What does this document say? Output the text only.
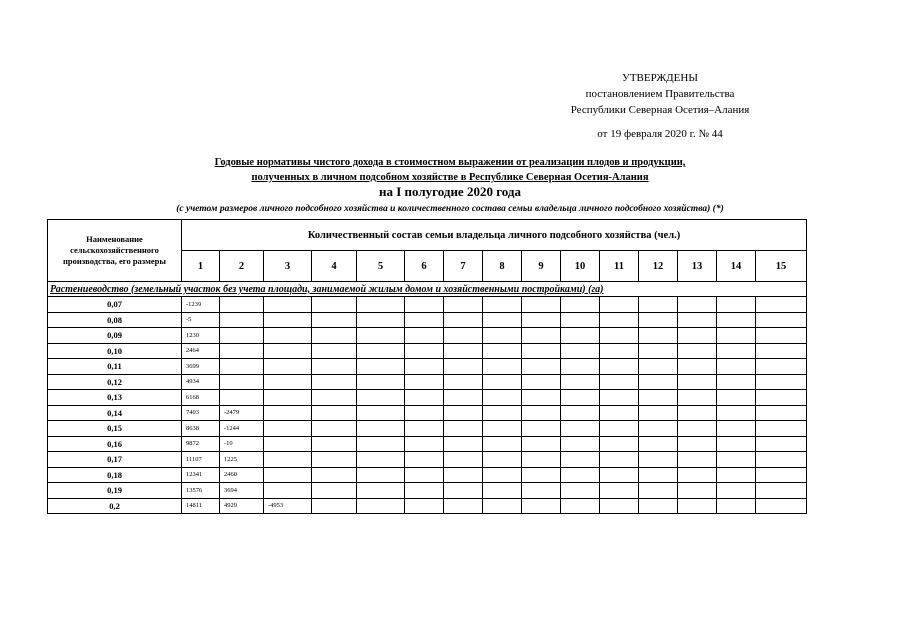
УТВЕРЖДЕНЫ
постановлением Правительства
Республики Северная Осетия–Алания
от 19 февраля 2020 г. № 44
Годовые нормативы чистого дохода в стоимостном выражении от реализации плодов и продукции,
полученных в личном подсобном хозяйстве в Республике Северная Осетия-Алания
на I полугодие 2020 года
(с учетом размеров личного подсобного хозяйства и количественного состава семьи владельца личного подсобного хозяйства) (*)
Наименование сельскохозяйственного производства, его размеры	Количественный состав семьи владельца личного подсобного хозяйства (чел.)														
	1	2	3	4	5	6	7	8	9	10	11	12	13	14	15
Растениеводство (земельный участок без учета площади, занимаемой жилым домом и хозяйственными постройками) (га)															
0,07	-1239														
0,08	-5														
0,09	1230														
0,10	2464														
0,11	3699														
0,12	4934														
0,13	6168														
0,14	7403	-2479													
0,15	8638	-1244													
0,16	9872	-10													
0,17	11107	1225													
0,18	12341	2460													
0,19	13576	3694													
0,2	14811	4929	-4953												
